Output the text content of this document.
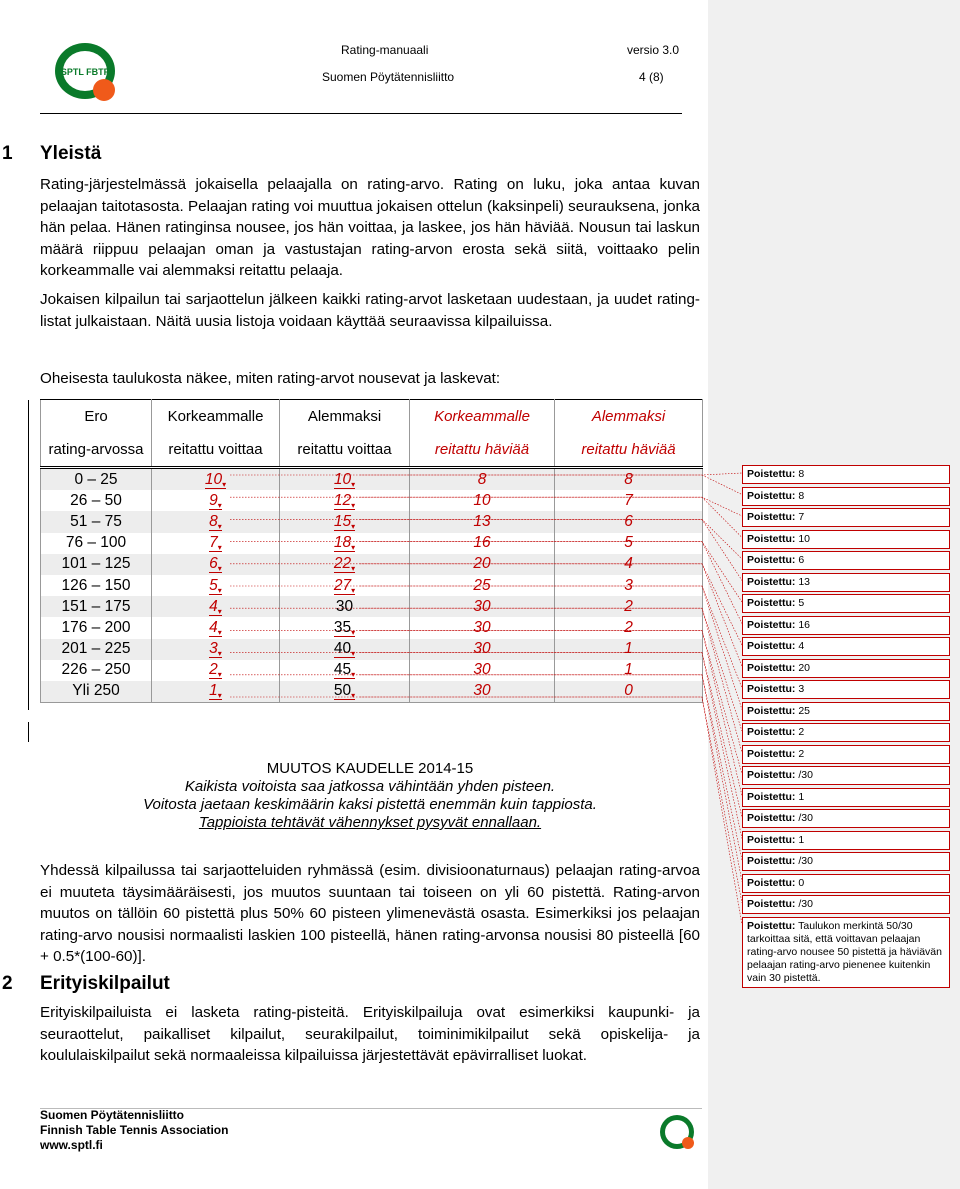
SPTL FBTF
Rating-manuaali	versio 3.0
Suomen Pöytätennisliitto	4 (8)
1 Yleistä
Rating-järjestelmässä jokaisella pelaajalla on rating-arvo. Rating on luku, joka antaa kuvan pelaajan taitotasosta. Pelaajan rating voi muuttua jokaisen ottelun (kaksinpeli) seurauksena, jonka hän pelaa. Hänen ratinginsa nousee, jos hän voittaa, ja laskee, jos hän häviää. Nousun tai laskun määrä riippuu pelaajan oman ja vastustajan rating-arvon erosta sekä siitä, voittaako pelin korkeammalle vai alemmaksi reitattu pelaaja.
Jokaisen kilpailun tai sarjaottelun jälkeen kaikki rating-arvot lasketaan uudestaan, ja uudet rating-listat julkaistaan. Näitä uusia listoja voidaan käyttää seuraavissa kilpailuissa.
Oheisesta taulukosta näkee, miten rating-arvot nousevat ja laskevat:
Ero	Korkeammalle	Alemmaksi	Korkeammalle	Alemmaksi
rating-arvossa	reitattu voittaa	reitattu voittaa	reitattu häviää	reitattu häviää
0 – 25	10 ▾	10 ▾	8	8
26 – 50	9 ▾	12 ▾	10	7
51 – 75	8 ▾	15 ▾	13	6
76 – 100	7 ▾	18 ▾	16	5
101 – 125	6 ▾	22 ▾	20	4
126 – 150	5 ▾	27 ▾	25	3
151 – 175	4 ▾	30	30	2
176 – 200	4 ▾	35 ▾	30	2
201 – 225	3 ▾	40 ▾	30	1
226 – 250	2 ▾	45 ▾	30	1
Yli 250	1 ▾	50 ▾	30	0
MUUTOS KAUDELLE 2014-15
Kaikista voitoista saa jatkossa vähintään yhden pisteen.
Voitosta jaetaan keskimäärin kaksi pistettä enemmän kuin tappiosta.
Tappioista tehtävät vähennykset pysyvät ennallaan.
Yhdessä kilpailussa tai sarjaotteluiden ryhmässä (esim. divisioonaturnaus) pelaajan rating-arvoa ei muuteta täysimääräisesti, jos muutos suuntaan tai toiseen on yli 60 pistettä. Rating-arvon muutos on tällöin 60 pistettä plus 50% 60 pisteen ylimenevästä osasta. Esimerkiksi jos pelaajan rating-arvo nousisi normaalisti laskien 100 pisteellä, hänen rating-arvonsa nousisi 80 pisteellä [60 + 0.5*(100-60)].
2 Erityiskilpailut
Erityiskilpailuista ei lasketa rating-pisteitä. Erityiskilpailuja ovat esimerkiksi kaupunki- ja seuraottelut, paikalliset kilpailut, seurakilpailut, toiminimikilpailut sekä opiskelija- ja koululaiskilpailut sekä normaaleissa kilpailuissa järjestettävät epävirralliset luokat.
Poistettu: 8
Poistettu: 8
Poistettu: 7
Poistettu: 10
Poistettu: 6
Poistettu: 13
Poistettu: 5
Poistettu: 16
Poistettu: 4
Poistettu: 20
Poistettu: 3
Poistettu: 25
Poistettu: 2
Poistettu: 2
Poistettu: /30
Poistettu: 1
Poistettu: /30
Poistettu: 1
Poistettu: /30
Poistettu: 0
Poistettu: /30
Poistettu: Taulukon merkintä 50/30 tarkoittaa sitä, että voittavan pelaajan rating-arvo nousee 50 pistettä ja häviävän pelaajan rating-arvo pienenee kuitenkin vain 30 pistettä.
Suomen Pöytätennisliitto
Finnish Table Tennis Association
www.sptl.fi
